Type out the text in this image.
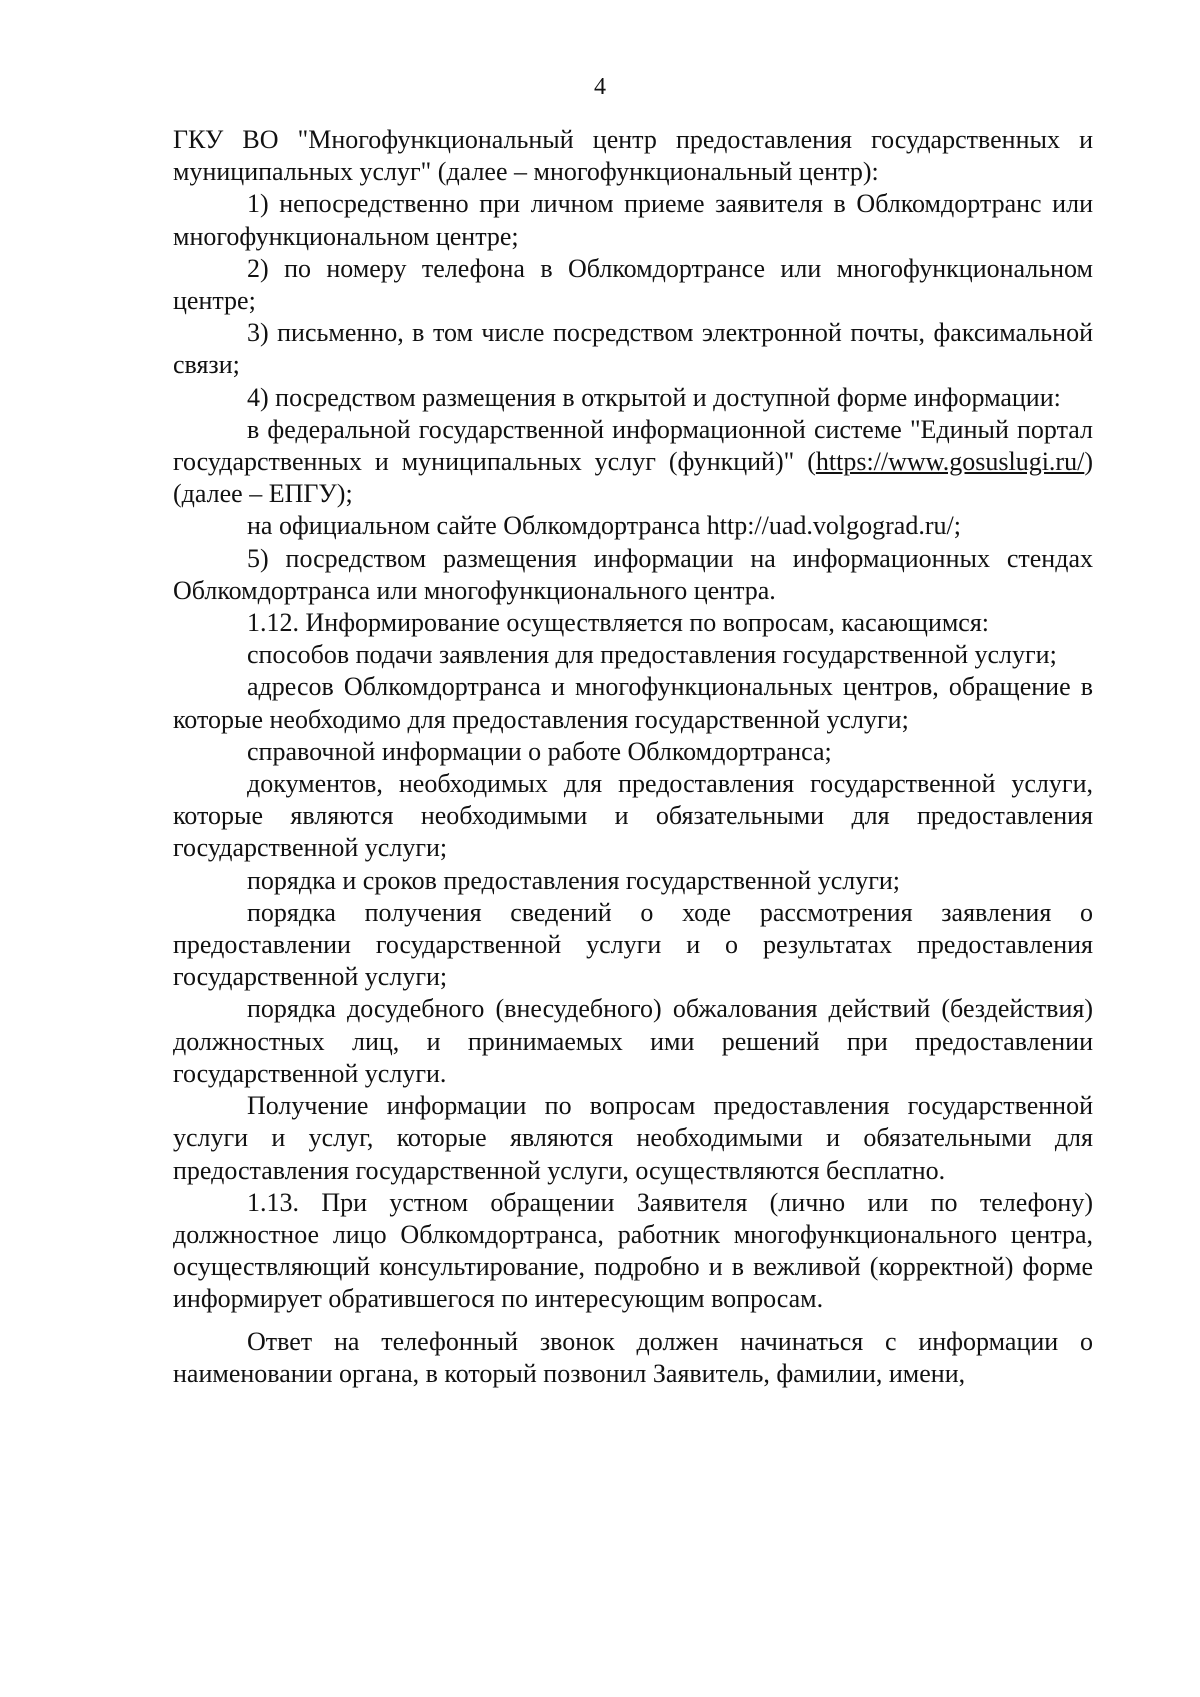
4

ГКУ ВО "Многофункциональный центр предоставления государственных и муниципальных услуг" (далее – многофункциональный центр):

1) непосредственно при личном приеме заявителя в Облкомдортранс или многофункциональном центре;

2) по номеру телефона в Облкомдортрансе или многофункциональном центре;

3) письменно, в том числе посредством электронной почты, факсимальной связи;

4) посредством размещения в открытой и доступной форме информации:

в федеральной государственной информационной системе "Единый портал государственных и муниципальных услуг (функций)" (https://www.gosuslugi.ru/) (далее – ЕПГУ);

на официальном сайте Облкомдортранса http://uad.volgograd.ru/;

5) посредством размещения информации на информационных стендах Облкомдортранса или многофункционального центра.

1.12. Информирование осуществляется по вопросам, касающимся:

способов подачи заявления для предоставления государственной услуги;

адресов Облкомдортранса и многофункциональных центров, обращение в которые необходимо для предоставления государственной услуги;

справочной информации о работе Облкомдортранса;

документов, необходимых для предоставления государственной услуги, которые являются необходимыми и обязательными для предоставления государственной услуги;

порядка и сроков предоставления государственной услуги;

порядка получения сведений о ходе рассмотрения заявления о предоставлении государственной услуги и о результатах предоставления государственной услуги;

порядка досудебного (внесудебного) обжалования действий (бездействия) должностных лиц, и принимаемых ими решений при предоставлении государственной услуги.

Получение информации по вопросам предоставления государственной услуги и услуг, которые являются необходимыми и обязательными для предоставления государственной услуги, осуществляются бесплатно.

1.13. При устном обращении Заявителя (лично или по телефону) должностное лицо Облкомдортранса, работник многофункционального центра, осуществляющий консультирование, подробно и в вежливой (корректной) форме информирует обратившегося по интересующим вопросам.

Ответ на телефонный звонок должен начинаться с информации о наименовании органа, в который позвонил Заявитель, фамилии, имени,
